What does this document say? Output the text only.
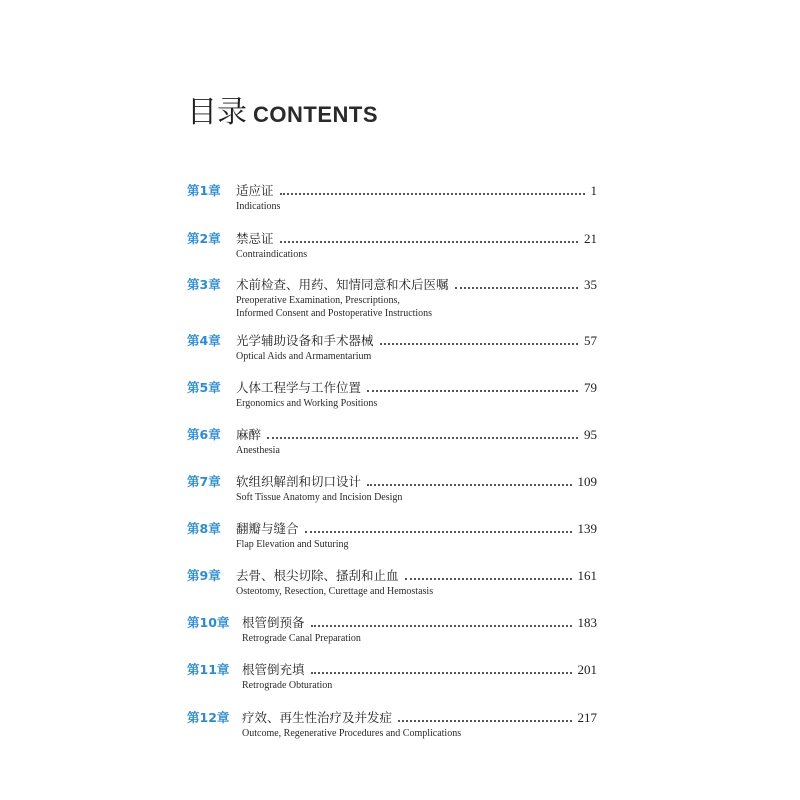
目录 CONTENTS
第1章	适应证	1
Indications
第2章	禁忌证	21
Contraindications
第3章	术前检查、用药、知情同意和术后医嘱	35
Preoperative Examination, Prescriptions,
Informed Consent and Postoperative Instructions
第4章	光学辅助设备和手术器械	57
Optical Aids and Armamentarium
第5章	人体工程学与工作位置	79
Ergonomics and Working Positions
第6章	麻醉	95
Anesthesia
第7章	软组织解剖和切口设计	109
Soft Tissue Anatomy and Incision Design
第8章	翻瓣与缝合	139
Flap Elevation and Suturing
第9章	去骨、根尖切除、搔刮和止血	161
Osteotomy, Resection, Curettage and Hemostasis
第10章	根管倒预备	183
Retrograde Canal Preparation
第11章	根管倒充填	201
Retrograde Obturation
第12章	疗效、再生性治疗及并发症	217
Outcome, Regenerative Procedures and Complications
